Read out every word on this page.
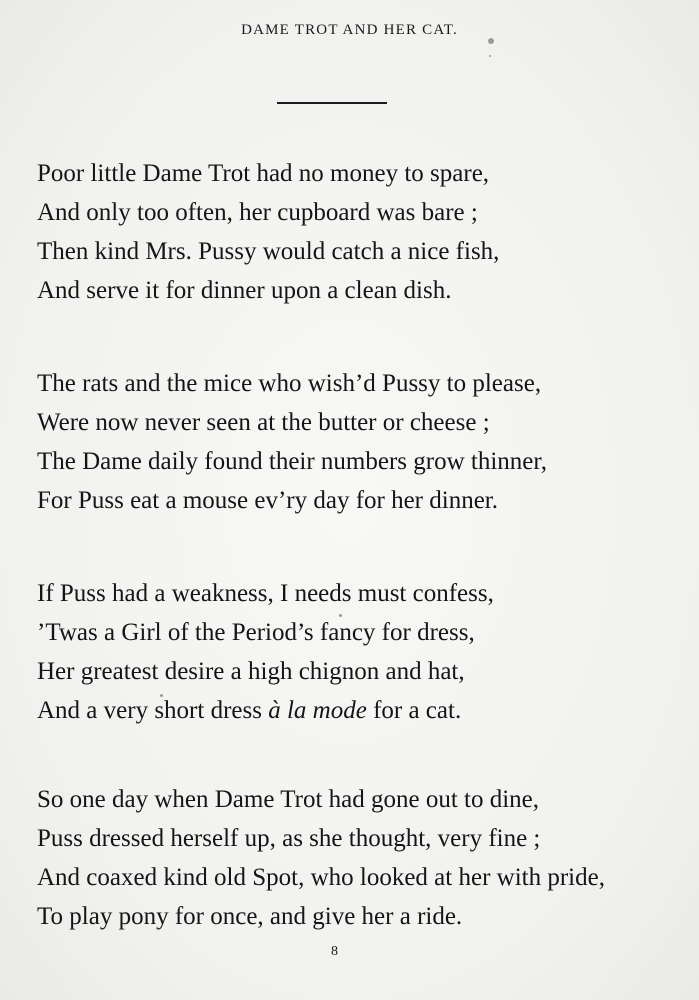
DAME TROT AND HER CAT.
Poor little Dame Trot had no money to spare,
And only too often, her cupboard was bare ;
Then kind Mrs. Pussy would catch a nice fish,
And serve it for dinner upon a clean dish.
The rats and the mice who wish’d Pussy to please,
Were now never seen at the butter or cheese ;
The Dame daily found their numbers grow thinner,
For Puss eat a mouse ev’ry day for her dinner.
If Puss had a weakness, I needs must confess,
’Twas a Girl of the Period’s fancy for dress,
Her greatest desire a high chignon and hat,
And a very short dress à la mode for a cat.
So one day when Dame Trot had gone out to dine,
Puss dressed herself up, as she thought, very fine ;
And coaxed kind old Spot, who looked at her with pride,
To play pony for once, and give her a ride.
8
